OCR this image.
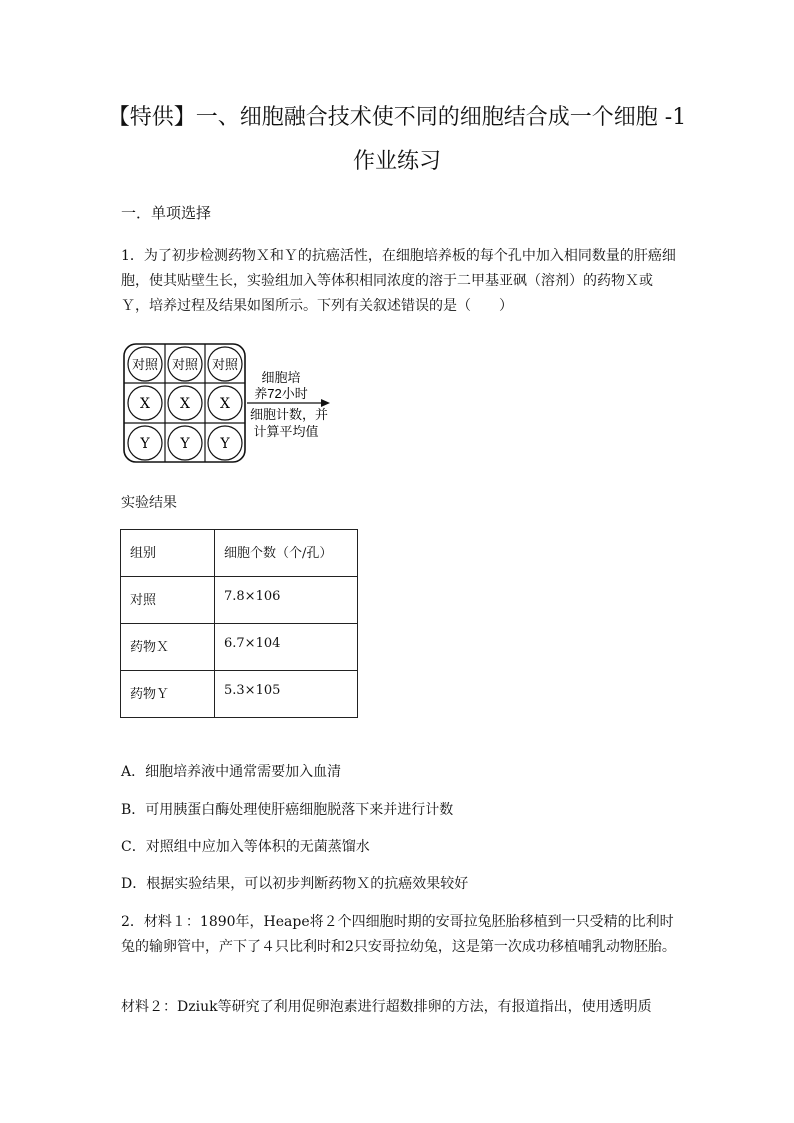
【特供】一、细胞融合技术使不同的细胞结合成一个细胞 -1
作业练习
一．单项选择
1．为了初步检测药物Ｘ和Ｙ的抗癌活性，在细胞培养板的每个孔中加入相同数量的肝癌细胞，使其贴壁生长，实验组加入等体积相同浓度的溶于二甲基亚砜（溶剂）的药物Ｘ或Ｙ，培养过程及结果如图所示。下列有关叙述错误的是（　　）
对照 对照 对照
X X X
Y Y Y
细胞培
养72小时
细胞计数，并
计算平均值
实验结果
组别	细胞个数（个/孔）
对照	7.8×106
药物Ｘ	6.7×104
药物Ｙ	5.3×105
A．细胞培养液中通常需要加入血清
B．可用胰蛋白酶处理使肝癌细胞脱落下来并进行计数
C．对照组中应加入等体积的无菌蒸馏水
D．根据实验结果，可以初步判断药物Ｘ的抗癌效果较好
2．材料１：1890年，Heape将２个四细胞时期的安哥拉兔胚胎移植到一只受精的比利时兔的输卵管中，产下了４只比利时和2只安哥拉幼兔，这是第一次成功移植哺乳动物胚胎。
材料２：Dziuk等研究了利用促卵泡素进行超数排卵的方法，有报道指出，使用透明质
